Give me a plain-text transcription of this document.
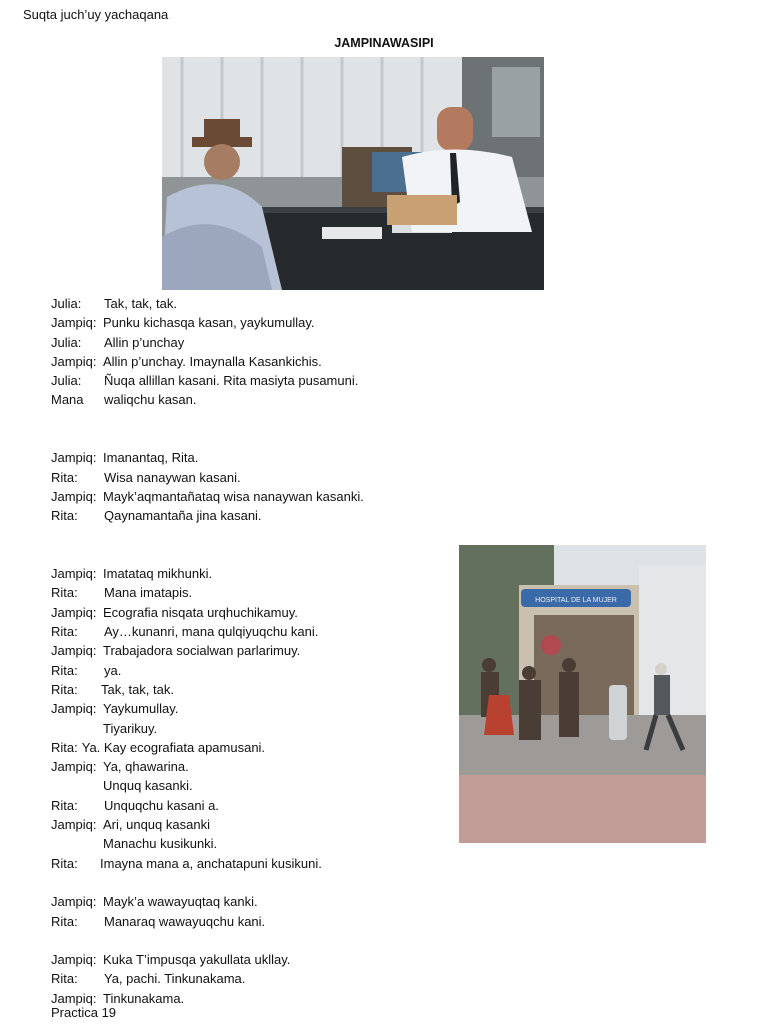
Suqta juch’uy yachaqana
JAMPINAWASIPI
Julia: Tak, tak, tak.
Jampiq: Punku kichasqa kasan, yaykumullay.
Julia: Allin p’unchay
Jampiq: Allin p’unchay. Imaynalla Kasankichis.
Julia: Ñuqa allillan kasani. Rita masiyta pusamuni.
Mana waliqchu kasan.
Jampiq: Imanantaq, Rita.
Rita: Wisa nanaywan kasani.
Jampiq: Mayk’aqmantañataq wisa nanaywan kasanki.
Rita: Qaynamantaña jina kasani.
Jampiq: Imatataq mikhunki.
Rita: Mana imatapis.
Jampiq: Ecografia nisqata urqhuchikamuy.
Rita: Ay…kunanri, mana qulqiyuqchu kani.
Jampiq: Trabajadora socialwan parlarimuy.
Rita: ya.
Rita: Tak, tak, tak.
Jampiq: Yaykumullay.
Tiyarikuy.
Rita: Ya. Kay ecografiata apamusani.
Jampiq: Ya, qhawarina.
Unquq kasanki.
Rita: Unquqchu kasani a.
Jampiq: Ari, unquq kasanki
Manachu kusikunki.
Rita: Imayna mana a, anchatapuni kusikuni.
Jampiq: Mayk’a wawayuqtaq kanki.
Rita: Manaraq wawayuqchu kani.
Jampiq: Kuka T’impusqa yakullata ukllay.
Rita: Ya, pachi. Tinkunakama.
Jampiq: Tinkunakama.
HOSPITAL DE LA MUJER
Practica 19
